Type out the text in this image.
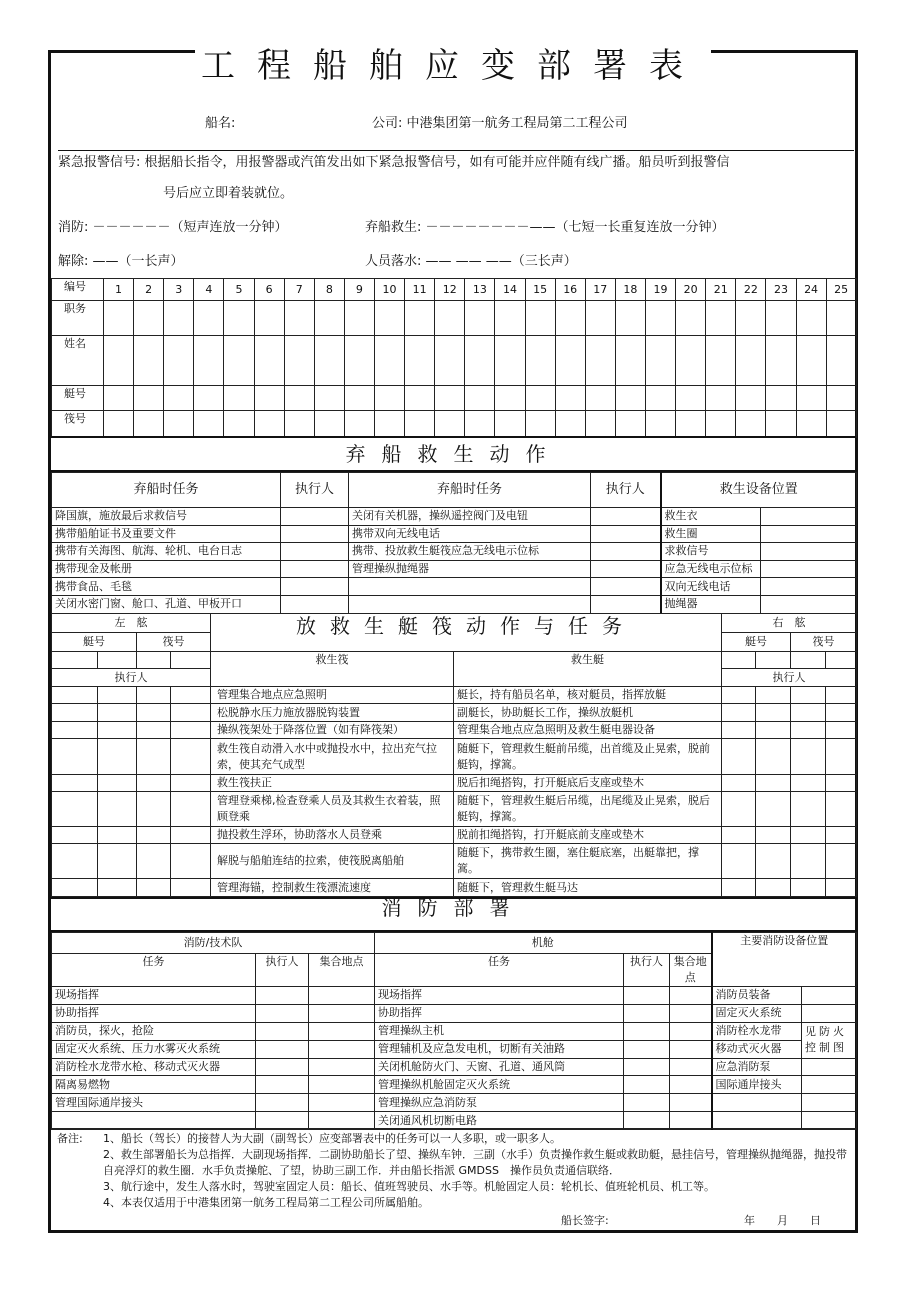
工程船舶应变部署表
船名:	公司: 中港集团第一航务工程局第二工程公司
紧急报警信号: 根据船长指令，用报警器或汽笛发出如下紧急报警信号，如有可能并应伴随有线广播。船员听到报警信
号后应立即着装就位。
消防: －－－－－－（短声连放一分钟）	弃船救生: －－－－－－－－——（七短一长重复连放一分钟）
解除: ——（一长声）	人员落水: —— —— ——（三长声）
编号	1	2	3	4	5	6	7	8	9	10	11	12	13	14	15	16	17	18	19	20	21	22	23	24	25
职务																									
姓名																									
艇号																									
筏号																									
弃船救生动作
弃船时任务	执行人	弃船时任务	执行人	救生设备位置	
降国旗，施放最后求救信号		关闭有关机器，操纵遥控阀门及电钮		救生衣	
携带船舶证书及重要文件		携带双向无线电话		救生圈	
携带有关海图、航海、轮机、电台日志		携带、投放救生艇筏应急无线电示位标		求救信号	
携带现金及帐册		管理操纵抛绳器		应急无线电示位标	
携带食品、毛毯				双向无线电话	
关闭水密门窗、舱口、孔道、甲板开口				抛绳器	
左　舷				放救生艇筏动作与任务		右　舷			
艇号		筏号				艇号		筏号	
				救生筏	救生艇				
执行人						执行人			
				管理集合地点应急照明	艇长，持有船员名单，核对艇员，指挥放艇				
				松脱静水压力施放器脱钩装置	副艇长，协助艇长工作，操纵放艇机				
				操纵筏架处于降落位置（如有降筏架）	管理集合地点应急照明及救生艇电器设备				
				救生筏自动滑入水中或抛投水中，拉出充气拉索，使其充气成型	随艇下，管理救生艇前吊缆，出首缆及止晃索，脱前艇钩，撑篙。				
				救生筏扶正	脱后扣绳搭钩，打开艇底后支座或垫木				
				管理登乘梯,检查登乘人员及其救生衣着装，照顾登乘	随艇下，管理救生艇后吊缆，出尾缆及止晃索，脱后艇钩，撑篙。				
				抛投救生浮环，协助落水人员登乘	脱前扣绳搭钩，打开艇底前支座或垫木				
				解脱与船舶连结的拉索，使筏脱离船舶	随艇下，携带救生圈，塞住艇底塞，出艇靠把，撑篙。				
				管理海锚，控制救生筏漂流速度	随艇下，管理救生艇马达				
消防部署
消防/技术队			机舱			主要消防设备位置	
任务	执行人	集合地点	任务	执行人	集合地点		
现场指挥			现场指挥			消防员装备	
协助指挥			协助指挥			固定灭火系统	
消防员，探火，抢险			管理操纵主机			消防栓水龙带	见防火控制图
固定灭火系统、压力水雾灭火系统			管理辅机及应急发电机，切断有关油路			移动式灭火器	
消防栓水龙带水枪、移动式灭火器			关闭机舱防火门、天窗、孔道、通风筒			应急消防泵	
隔离易燃物			管理操纵机舱固定灭火系统			国际通岸接头	
管理国际通岸接头			管理操纵应急消防泵				
			关闭通风机切断电路				
备注:	1、船长（驾长）的接替人为大副（副驾长）应变部署表中的任务可以一人多职，或一职多人。
2、救生部署船长为总指挥．大副现场指挥．二副协助船长了望、操纵车钟．三副（水手）负责操作救生艇或救助艇，悬挂信号，管理操纵抛绳器，抛投带自亮浮灯的救生圈．水手负责操舵、了望，协助三副工作．并由船长指派 GMDSS　操作员负责通信联络．
3、航行途中，发生人落水时，驾驶室固定人员：船长、值班驾驶员、水手等。机舱固定人员：轮机长、值班轮机员、机工等。
4、本表仅适用于中港集团第一航务工程局第二工程公司所属船舶。
船长签字:	年　　月　　日
